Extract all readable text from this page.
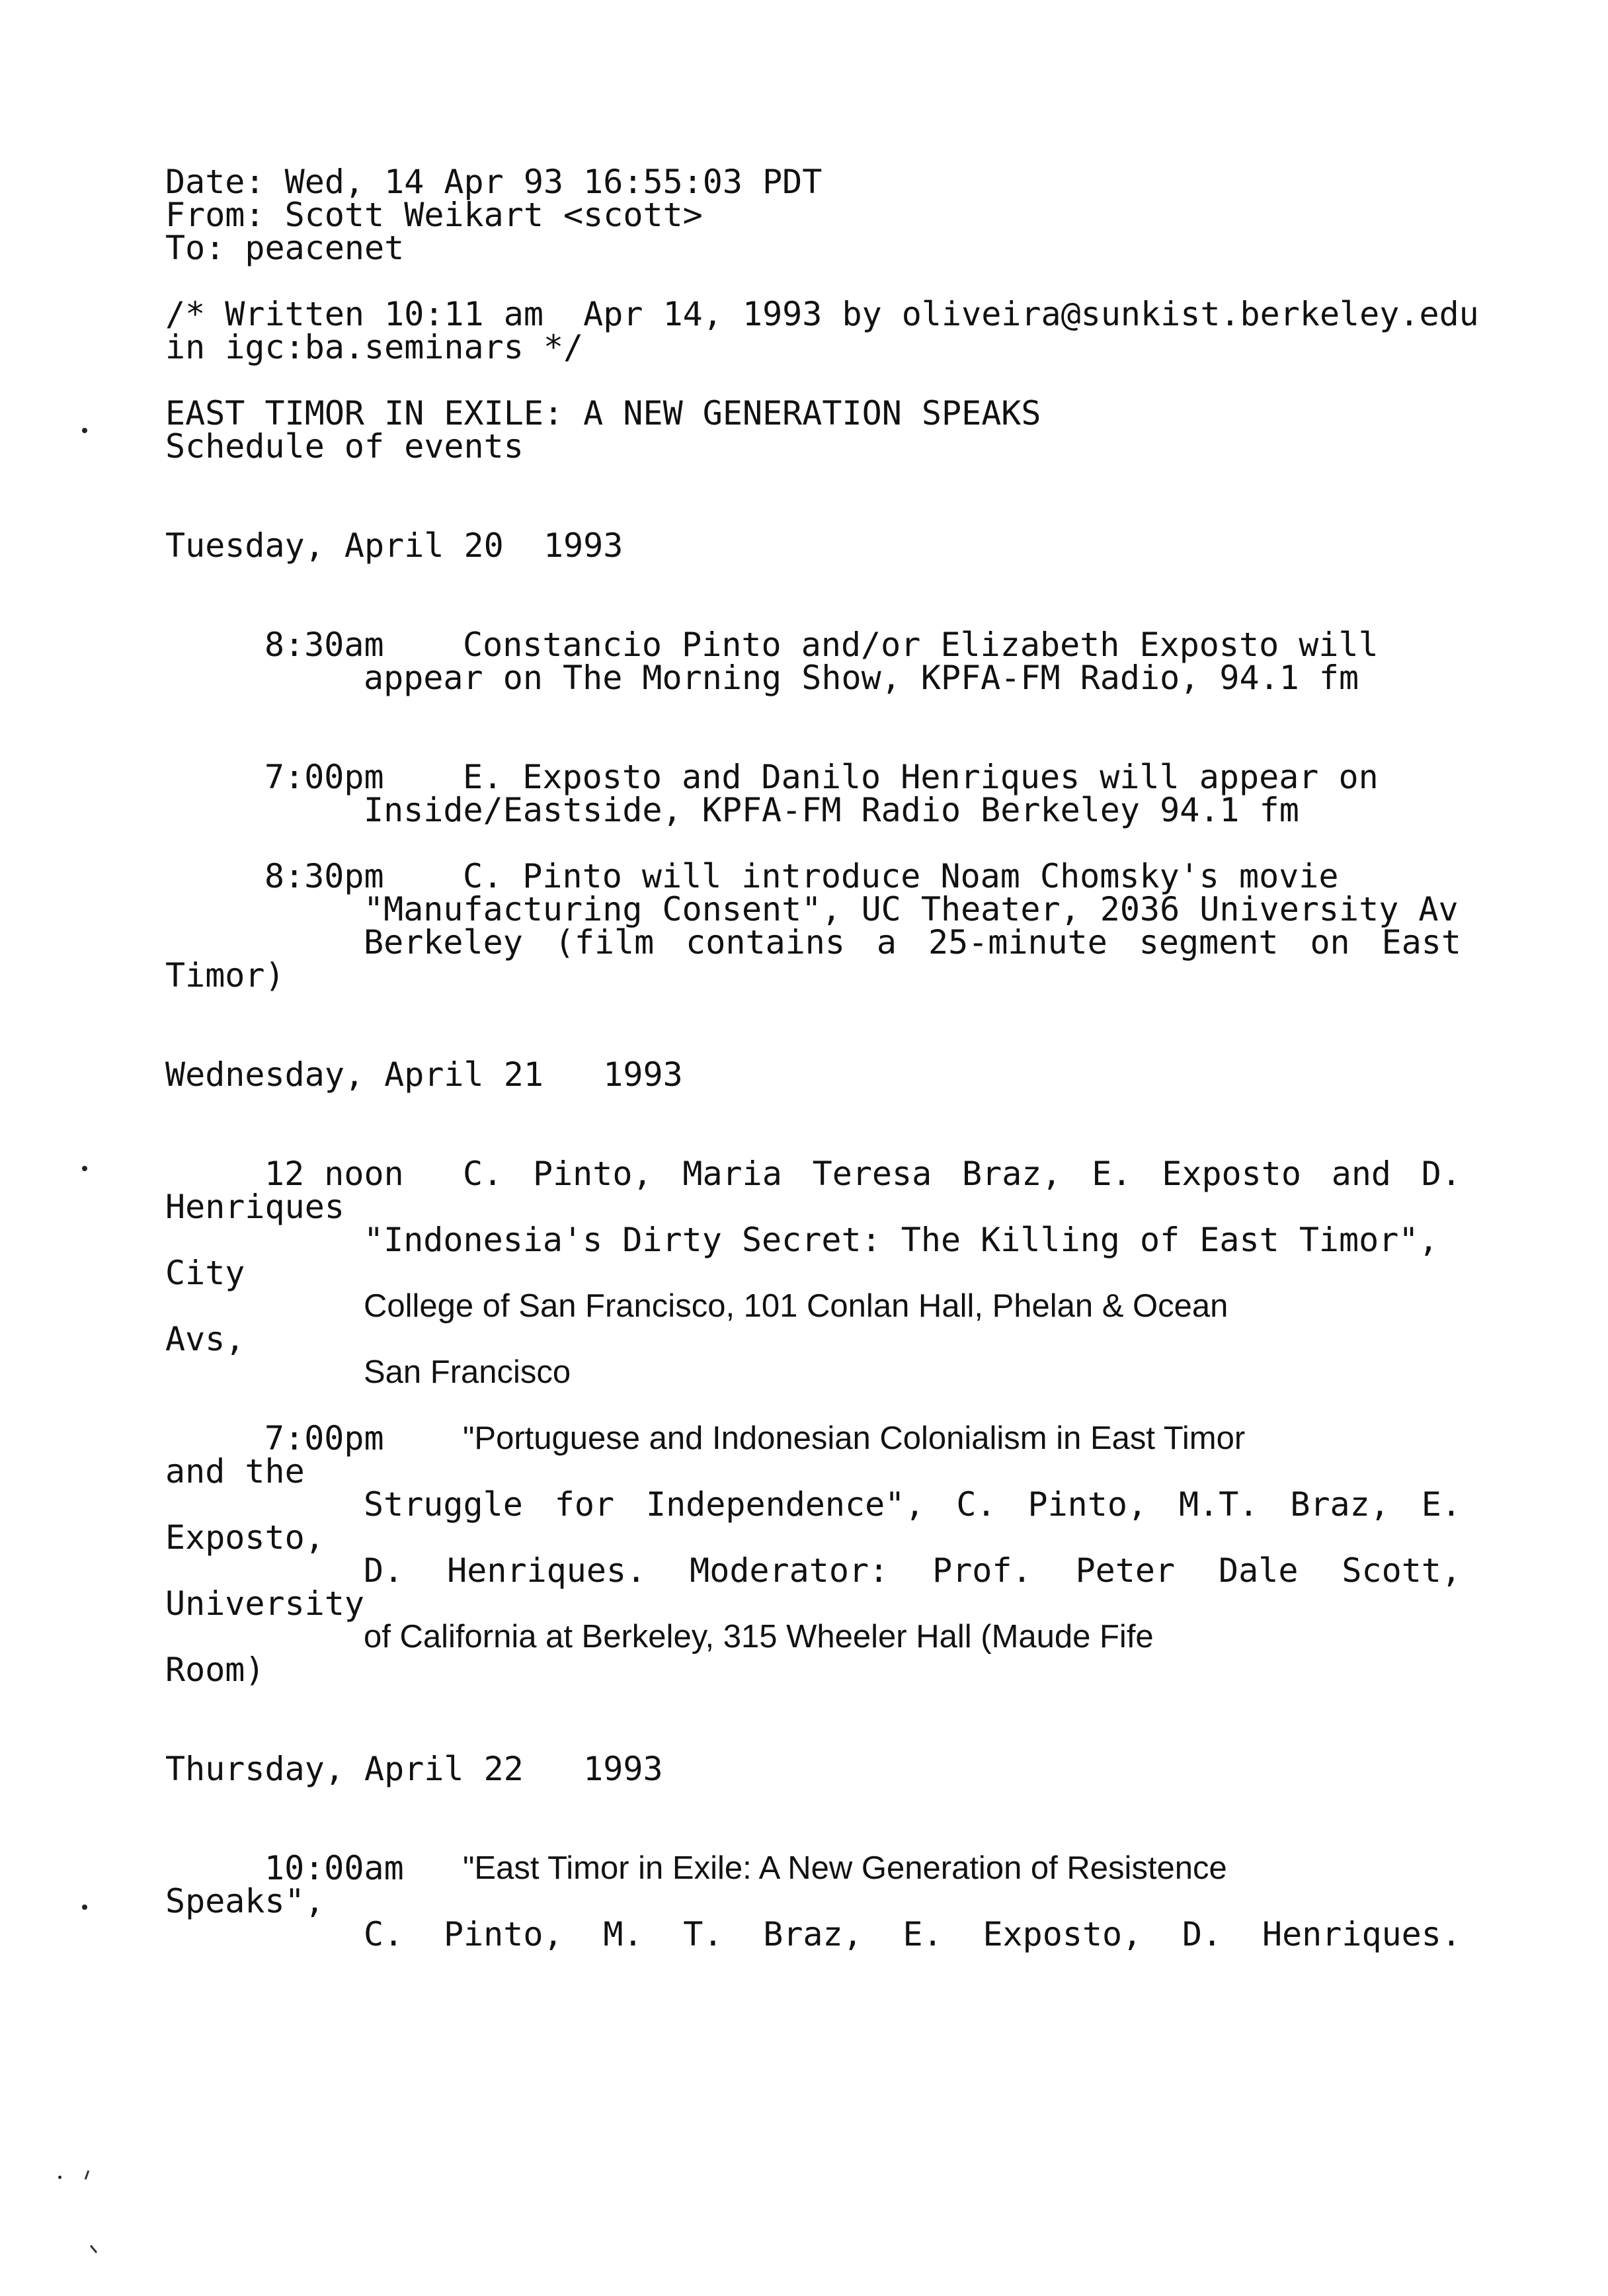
Date: Wed, 14 Apr 93 16:55:03 PDT
From: Scott Weikart <scott>
To: peacenet
/* Written 10:11 am  Apr 14, 1993 by oliveira@sunkist.berkeley.edu
in igc:ba.seminars */
EAST TIMOR IN EXILE: A NEW GENERATION SPEAKS
Schedule of events
Tuesday, April 20  1993
8:30am Constancio Pinto and/or Elizabeth Exposto will
appear on The Morning Show, KPFA-FM Radio, 94.1 fm
7:00pm E. Exposto and Danilo Henriques will appear on
Inside/Eastside, KPFA-FM Radio Berkeley 94.1 fm
8:30pm C. Pinto will introduce Noam Chomsky's movie
"Manufacturing Consent", UC Theater, 2036 University Av
Berkeley (film contains a 25-minute segment on East
Timor)
Wednesday, April 21   1993
12 noon C. Pinto, Maria Teresa Braz, E. Exposto and D.
Henriques
"Indonesia's Dirty Secret: The Killing of East Timor",
City
College of San Francisco, 101 Conlan Hall, Phelan & Ocean
Avs,
San Francisco
7:00pm "Portuguese and Indonesian Colonialism in East Timor
and the
Struggle for Independence", C. Pinto, M.T. Braz, E.
Exposto,
D. Henriques. Moderator: Prof. Peter Dale Scott,
University
of California at Berkeley, 315 Wheeler Hall (Maude Fife
Room)
Thursday, April 22   1993
10:00am "East Timor in Exile: A New Generation of Resistence
Speaks",
C. Pinto, M. T. Braz, E. Exposto, D. Henriques.
